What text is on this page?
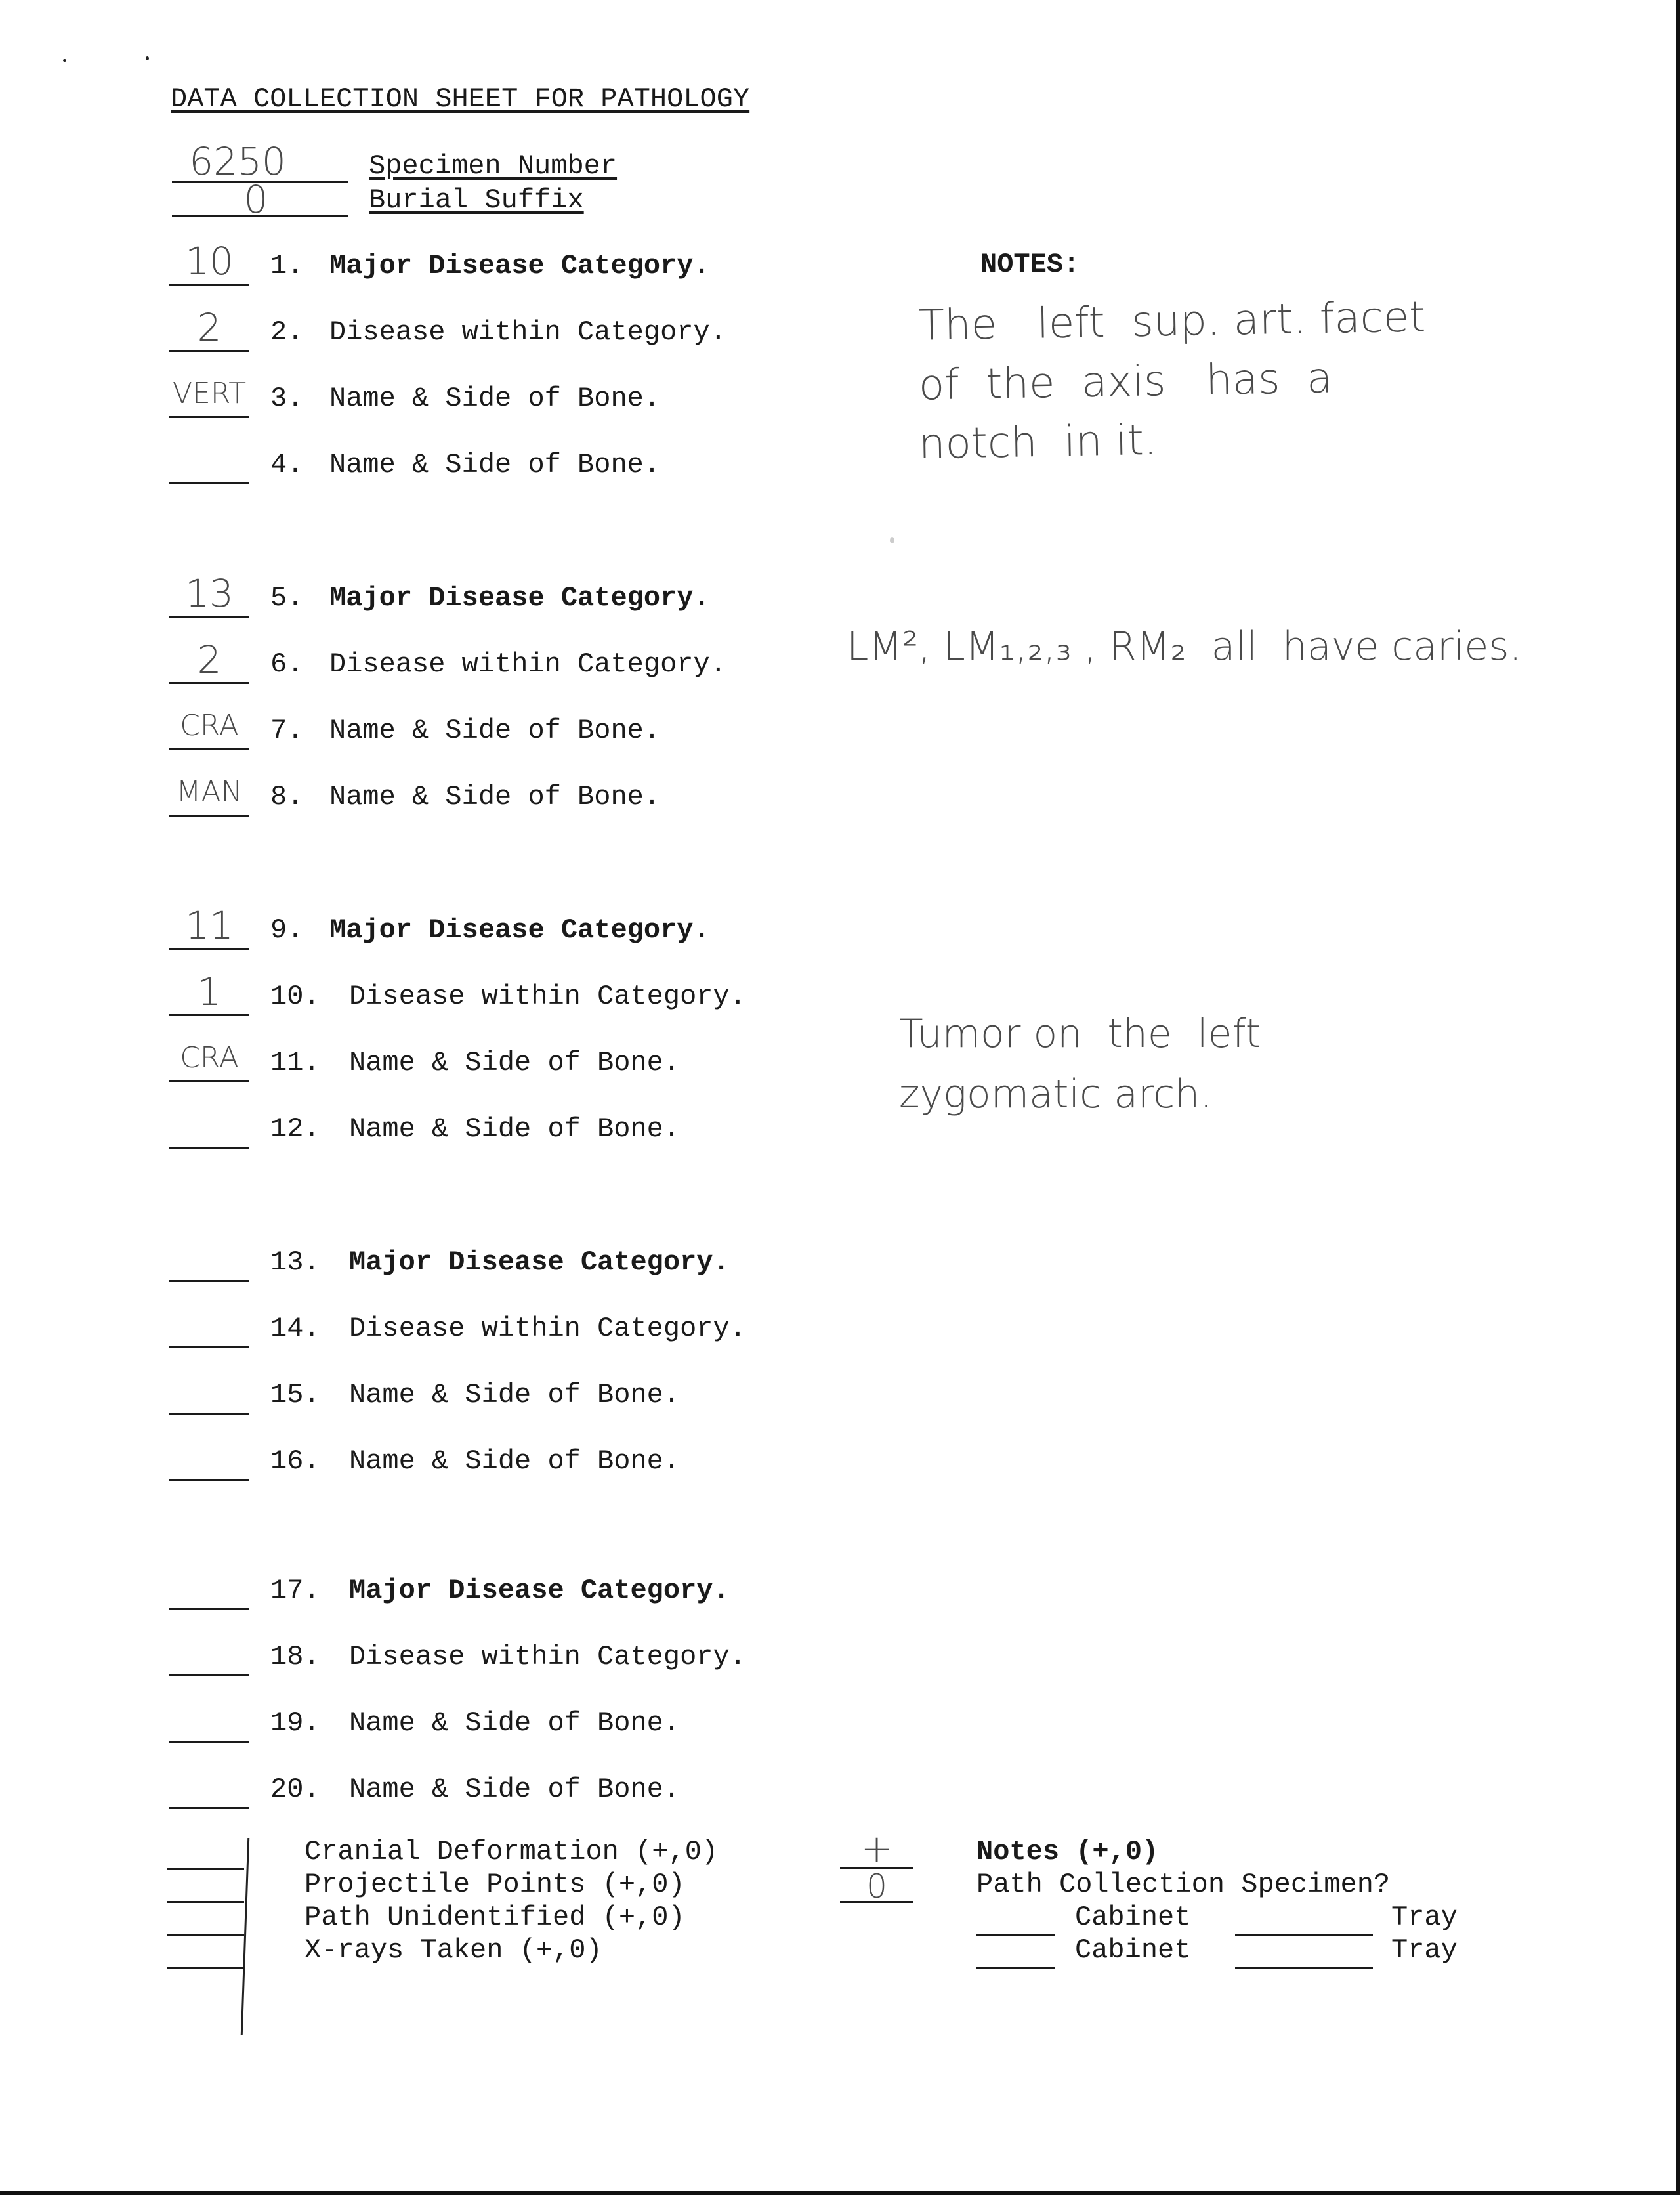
DATA COLLECTION SHEET FOR PATHOLOGY
6250	Specimen Number
0	Burial Suffix
NOTES:
10	1. Major Disease Category.
2	2. Disease within Category.
VERT 3. Name & Side of Bone.
4. Name & Side of Bone.
The   left  sup. art. facet
of  the  axis   has  a
notch  in it.
13	5. Major Disease Category.
2	6. Disease within Category.
CRA	7. Name & Side of Bone.
MAN	8. Name & Side of Bone.
LM², LM₁,₂,₃ , RM₂  all  have caries.
11	9. Major Disease Category.
1	10. Disease within Category.
CRA	11. Name & Side of Bone.
12. Name & Side of Bone.
Tumor on  the  left
zygomatic arch.
13. Major Disease Category.
14. Disease within Category.
15. Name & Side of Bone.
16. Name & Side of Bone.
17. Major Disease Category.
18. Disease within Category.
19. Name & Side of Bone.
20. Name & Side of Bone.
Cranial Deformation (+,0)
Projectile Points (+,0)
Path Unidentified (+,0)
X-rays Taken (+,0)
+	Notes (+,0)
0	Path Collection Specimen?
Cabinet	Tray
Cabinet	Tray
